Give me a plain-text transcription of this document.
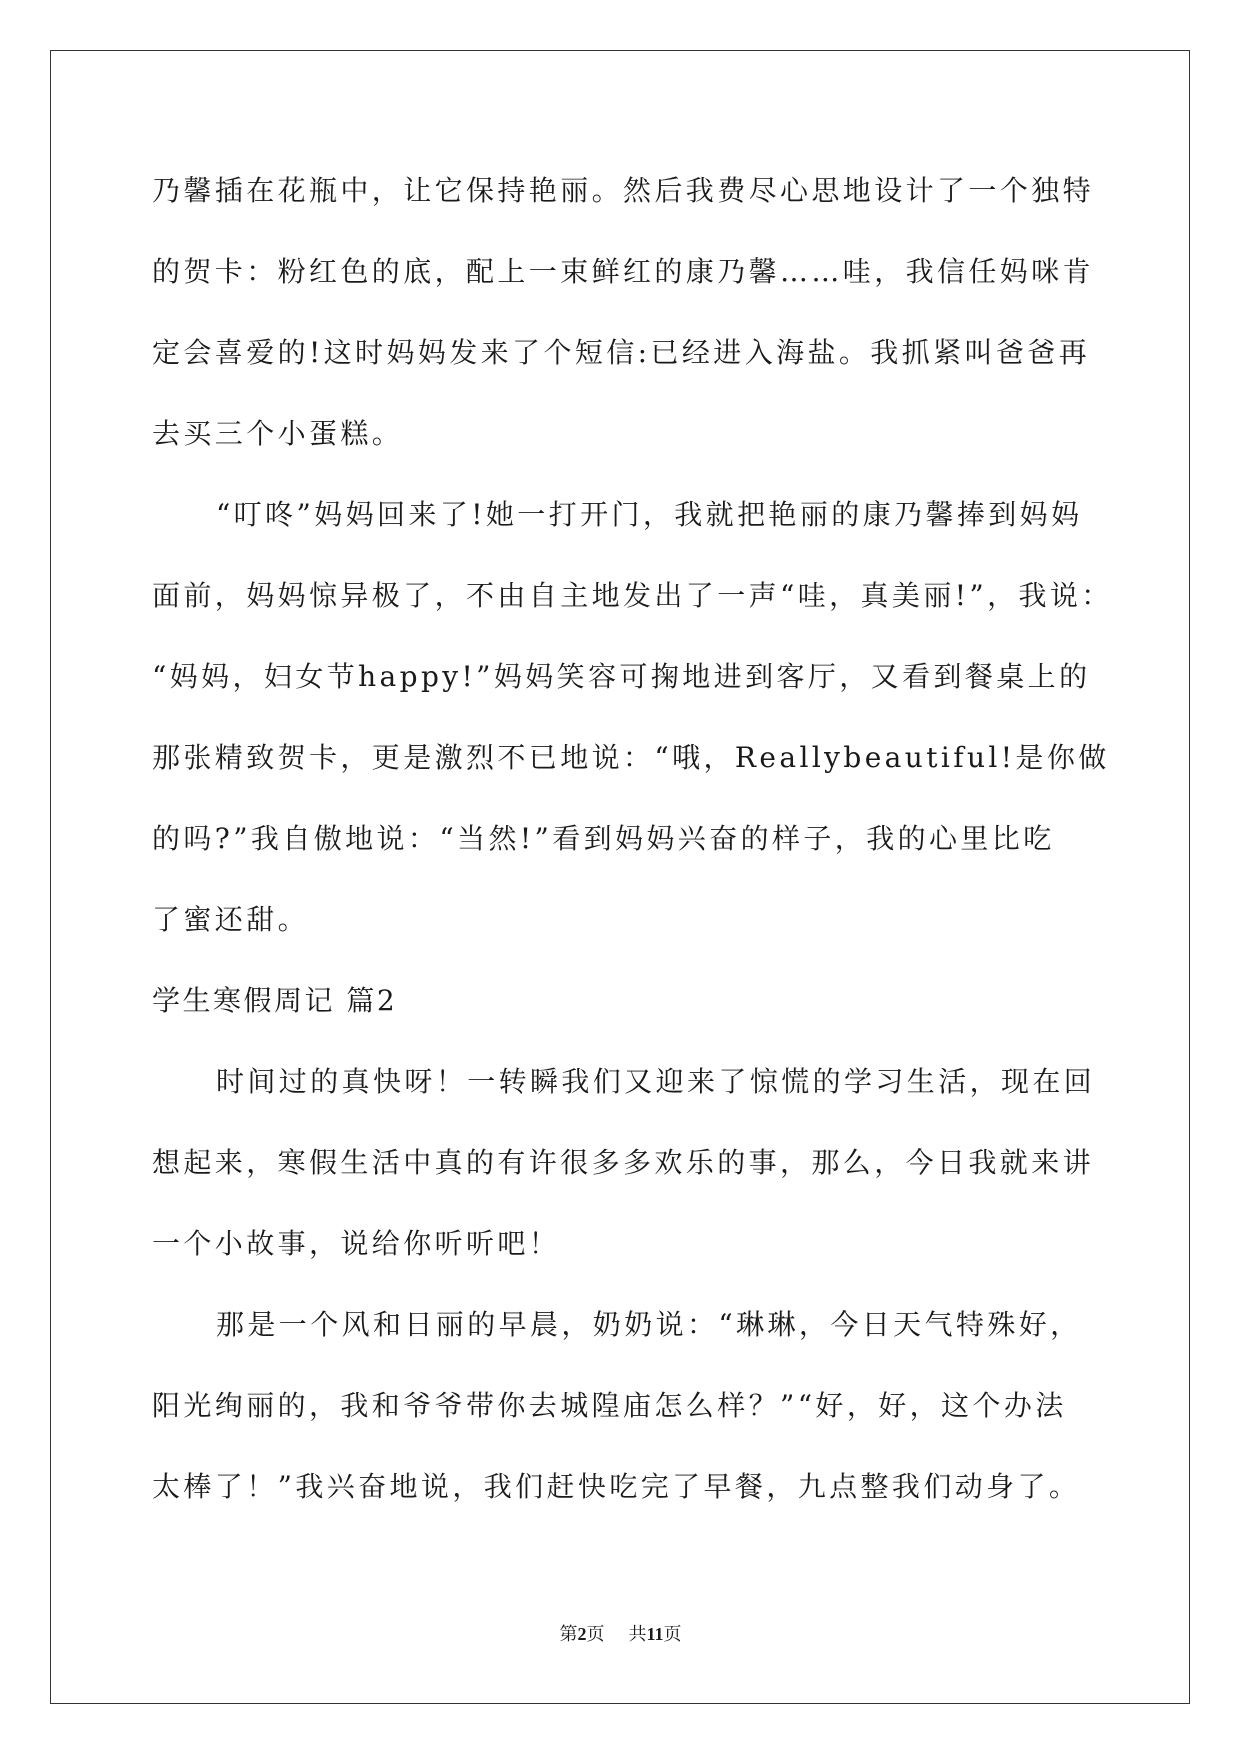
乃馨插在花瓶中，让它保持艳丽。然后我费尽心思地设计了一个独特
的贺卡：粉红色的底，配上一束鲜红的康乃馨……哇，我信任妈咪肯
定会喜爱的!这时妈妈发来了个短信:已经进入海盐。我抓紧叫爸爸再
去买三个小蛋糕。
“叮咚”妈妈回来了!她一打开门，我就把艳丽的康乃馨捧到妈妈
面前，妈妈惊异极了，不由自主地发出了一声“哇，真美丽!”，我说：
“妈妈，妇女节happy!”妈妈笑容可掬地进到客厅，又看到餐桌上的
那张精致贺卡，更是激烈不已地说：“哦，Reallybeautiful!是你做
的吗?”我自傲地说：“当然!”看到妈妈兴奋的样子，我的心里比吃
了蜜还甜。
学生寒假周记 篇2
时间过的真快呀！一转瞬我们又迎来了惊慌的学习生活，现在回
想起来，寒假生活中真的有许很多多欢乐的事，那么，今日我就来讲
一个小故事，说给你听听吧！
那是一个风和日丽的早晨，奶奶说：“琳琳，今日天气特殊好，
阳光绚丽的，我和爷爷带你去城隍庙怎么样？”“好，好，这个办法
太棒了！”我兴奋地说，我们赶快吃完了早餐，九点整我们动身了。
第2页 共11页
